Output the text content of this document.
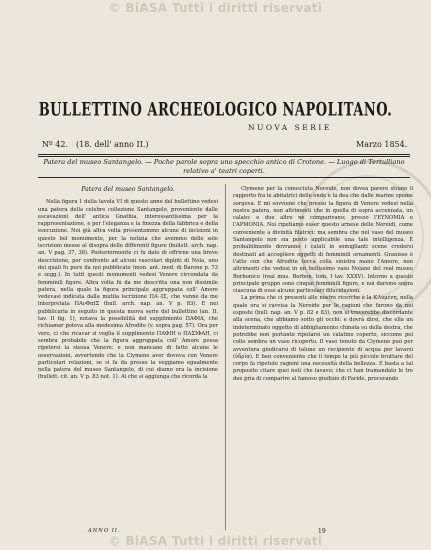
© BiASA Tutti i diritti riservati
BULLETTINO ARCHEOLOGICO NAPOLITANO.
NUOVA SERIE
Nº 42. (18. dell' anno II.)	Marzo 1854.
Patera del museo Santangelo. — Poche parole sopra uno specchio antico di Crotone. — Luogo di Tertulliano relativo a' teatri coperti.
Patera del museo Santangelo.

Nella figura 1 della tavola VI di questo anno del bullettino vedesi una patera della celebre collezione Santangelo, proveniente dalle escavazioni dell' antica Gnathia, interessantissima per la rappresentazione, e per l'eleganza e la finezza della fabbrica e della esecuzione. Noi già altra volta presentammo alcune di incisioni in questo bel monumento, per la notizia che avemmo delle sole iscrizioni messe al disopra delle differenti figure (bullett. arch. nap. an. V pag. 37, 38). Posteriormente ci fu dato di offrirne una breve descrizione, per confronto ad alcuni vascolari dipinti di Nola, uno dei quali fu pure da noi pubblicato (mon. ant. ined. di Barone p. 73 e segg.). In tutti questi monumenti vedesi Venere circondata da femminili figure. Altra volta fu da me descritta una non dissimile patera, nella quale la figura principale aggruppata coll' Amore vedevasi indicata dalla mutila iscrizione ΠΑ··ΙΣ, che venne da me interpretata ΠΑνΦαΙΣ (bull. arch. nap. an. V p. 83). E nei pubblicarla in seguito in questa nuova serie del bullettino (an. II. tav. II fig. 1), notava la possibilità del supplimento ΠΑΦΙΑ, che richiamar poteva alla medesima Afrodite (v. sopra pag. 57). Ora per vero, ci che ricavar si voglia il supplimento ΠΑΦΙΗ o ΠΑΣΙΦΑΗ, ci sembra probabile che la figura aggruppata coll' Amore possa ripetersi la stessa Venere: e non mancano di fatto alcune le osservazioni, avvertendo che la Clymene aver doveva con Venere particolari relazioni, se si fa da presso la veggiamo egualmente nella patera del museo Santangelo, di cui diamo ora la incisione (bullett. cit. an. V p. 83 not. 1). Al che si aggiunga che ricorda la

Clymene per la conosciuta Nereide, non dovea parere strano il rapporto fra le abitatrici delle onde e la dea che dalle marine spume sorgeva. E mi sovviene che presso la figura di Venere vedesi nella nostra patera, non altrimenti che in quella di sopra accennata, un calato: e due altre ne comparivano; presso l'ΕΥΝΟΜΙΑ e l'ΑΡΜΟΝΙΑ. Noi ripetiamo esser questo arnese delle Nereidi, come conveniente a divinità filatrici: ma sembra che nel vaso del museo Santangelo non sia posto applicabile una tale intelligenza. È probabilmente dovranno i calati in somiglianti scene credersi destinati ad accogliere oggetti di femminili ornamenti. Granisso è l'atto con che Afrodite tocca colla sinistra mano l'Amore, non altrimenti che vedesi in un bellissimo vaso Nolano del real museo Borbonico (real mus. Borbon. tom. I tav. XXXV). Intorno a questo principale gruppo sono cinque femminili figure, e noi daremo sopra ciascuna di esse alcune particolari dilucidazioni.

La prima che ci presenti alle nostre ricerche è la ΚΛυμένη, nella quale ora si ravvisa la Nereide per le ragioni che furono da noi esposte (bull. nap. an. V p. 82 e 83), non si troverebbe discordante alla scena, che abbiamo sotto gli occhi: e dovrà dirsi, che ella un indeterminato oggetto di abbigliamento chinata su della destra, che potrebbe non pertanto riputarsi un calatino coperto, siccome pel collo sembra un vaso ricoperto. Il vaso tenuto da Clymene può per avventura giudicarsi di taluno un recipiente di acqua per lavarsi (ὑδρία). E ben conveniente che il tempo la più piccole bruttare del corpo fa ripetute ragioni una necessità della bellezza. E basta a tal proposito citare quei noti che lavavo; che ci han tramandato le tre dee pria di comparire al famoso giudizio di Paride, procurando

ANNO II.	19
© BiASA Tutti i diritti riservati
